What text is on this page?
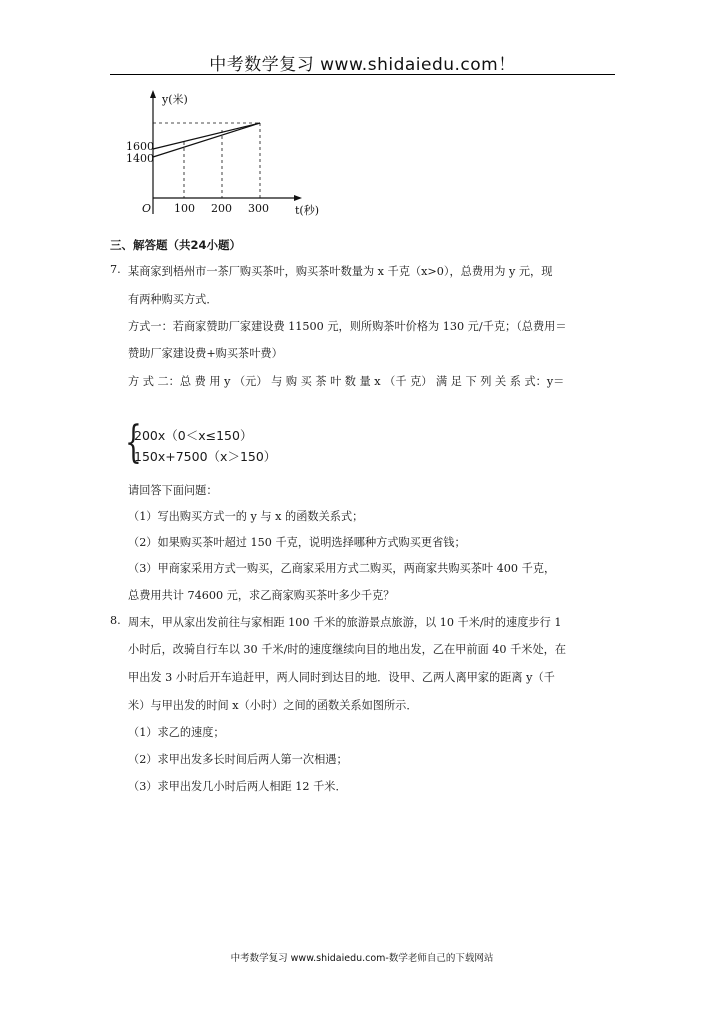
中考数学复习 www.shidaiedu.com！
y(米)
1600
1400
O 100 200 300 t(秒)
三、解答题（共24小题）
7. 某商家到梧州市一茶厂购买茶叶，购买茶叶数量为 x 千克（x>0），总费用为 y 元，现
有两种购买方式．
方式一：若商家赞助厂家建设费 11500 元，则所购茶叶价格为 130 元/千克；（总费用＝
赞助厂家建设费+购买茶叶费）
方 式 二：总 费 用 y （元） 与 购 买 茶 叶 数 量 x （千 克） 满 足 下 列 关 系 式：y＝
{
200x（0＜x≤150）
150x+7500（x＞150）
请回答下面问题：
（1）写出购买方式一的 y 与 x 的函数关系式；
（2）如果购买茶叶超过 150 千克，说明选择哪种方式购买更省钱；
（3）甲商家采用方式一购买，乙商家采用方式二购买，两商家共购买茶叶 400 千克，
总费用共计 74600 元，求乙商家购买茶叶多少千克？
8. 周末，甲从家出发前往与家相距 100 千米的旅游景点旅游，以 10 千米/时的速度步行 1
小时后，改骑自行车以 30 千米/时的速度继续向目的地出发，乙在甲前面 40 千米处，在
甲出发 3 小时后开车追赶甲，两人同时到达目的地．设甲、乙两人离甲家的距离 y（千
米）与甲出发的时间 x（小时）之间的函数关系如图所示．
（1）求乙的速度；
（2）求甲出发多长时间后两人第一次相遇；
（3）求甲出发几小时后两人相距 12 千米．
中考数学复习 www.shidaiedu.com-数学老师自己的下载网站
